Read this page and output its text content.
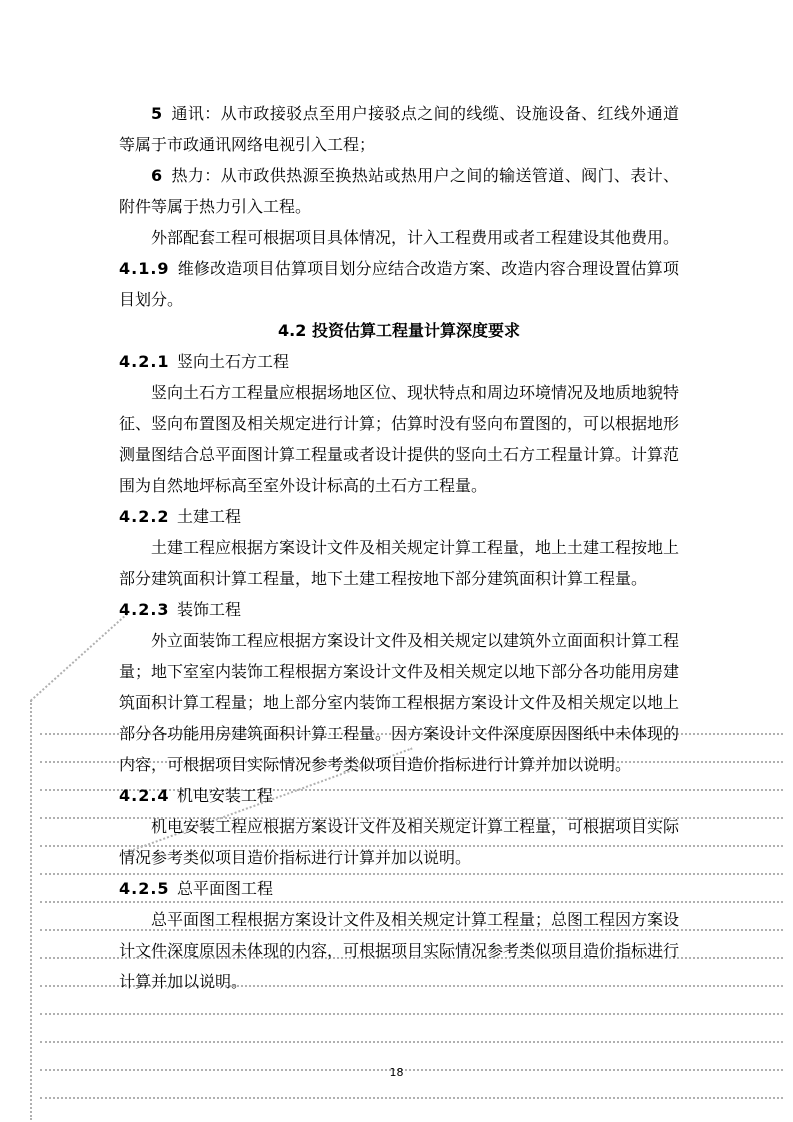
5  通讯：从市政接驳点至用户接驳点之间的线缆、设施设备、红线外通道等属于市政通讯网络电视引入工程；

6  热力：从市政供热源至换热站或热用户之间的输送管道、阀门、表计、附件等属于热力引入工程。

外部配套工程可根据项目具体情况，计入工程费用或者工程建设其他费用。

4.1.9  维修改造项目估算项目划分应结合改造方案、改造内容合理设置估算项目划分。

4.2 投资估算工程量计算深度要求

4.2.1 竖向土石方工程

竖向土石方工程量应根据场地区位、现状特点和周边环境情况及地质地貌特征、竖向布置图及相关规定进行计算；估算时没有竖向布置图的，可以根据地形测量图结合总平面图计算工程量或者设计提供的竖向土石方工程量计算。计算范围为自然地坪标高至室外设计标高的土石方工程量。

4.2.2 土建工程

土建工程应根据方案设计文件及相关规定计算工程量，地上土建工程按地上部分建筑面积计算工程量，地下土建工程按地下部分建筑面积计算工程量。

4.2.3 装饰工程

外立面装饰工程应根据方案设计文件及相关规定以建筑外立面面积计算工程量；地下室室内装饰工程根据方案设计文件及相关规定以地下部分各功能用房建筑面积计算工程量；地上部分室内装饰工程根据方案设计文件及相关规定以地上部分各功能用房建筑面积计算工程量。因方案设计文件深度原因图纸中未体现的内容，可根据项目实际情况参考类似项目造价指标进行计算并加以说明。

4.2.4 机电安装工程

机电安装工程应根据方案设计文件及相关规定计算工程量，可根据项目实际情况参考类似项目造价指标进行计算并加以说明。

4.2.5 总平面图工程

总平面图工程根据方案设计文件及相关规定计算工程量；总图工程因方案设计文件深度原因未体现的内容，可根据项目实际情况参考类似项目造价指标进行计算并加以说明。

18
